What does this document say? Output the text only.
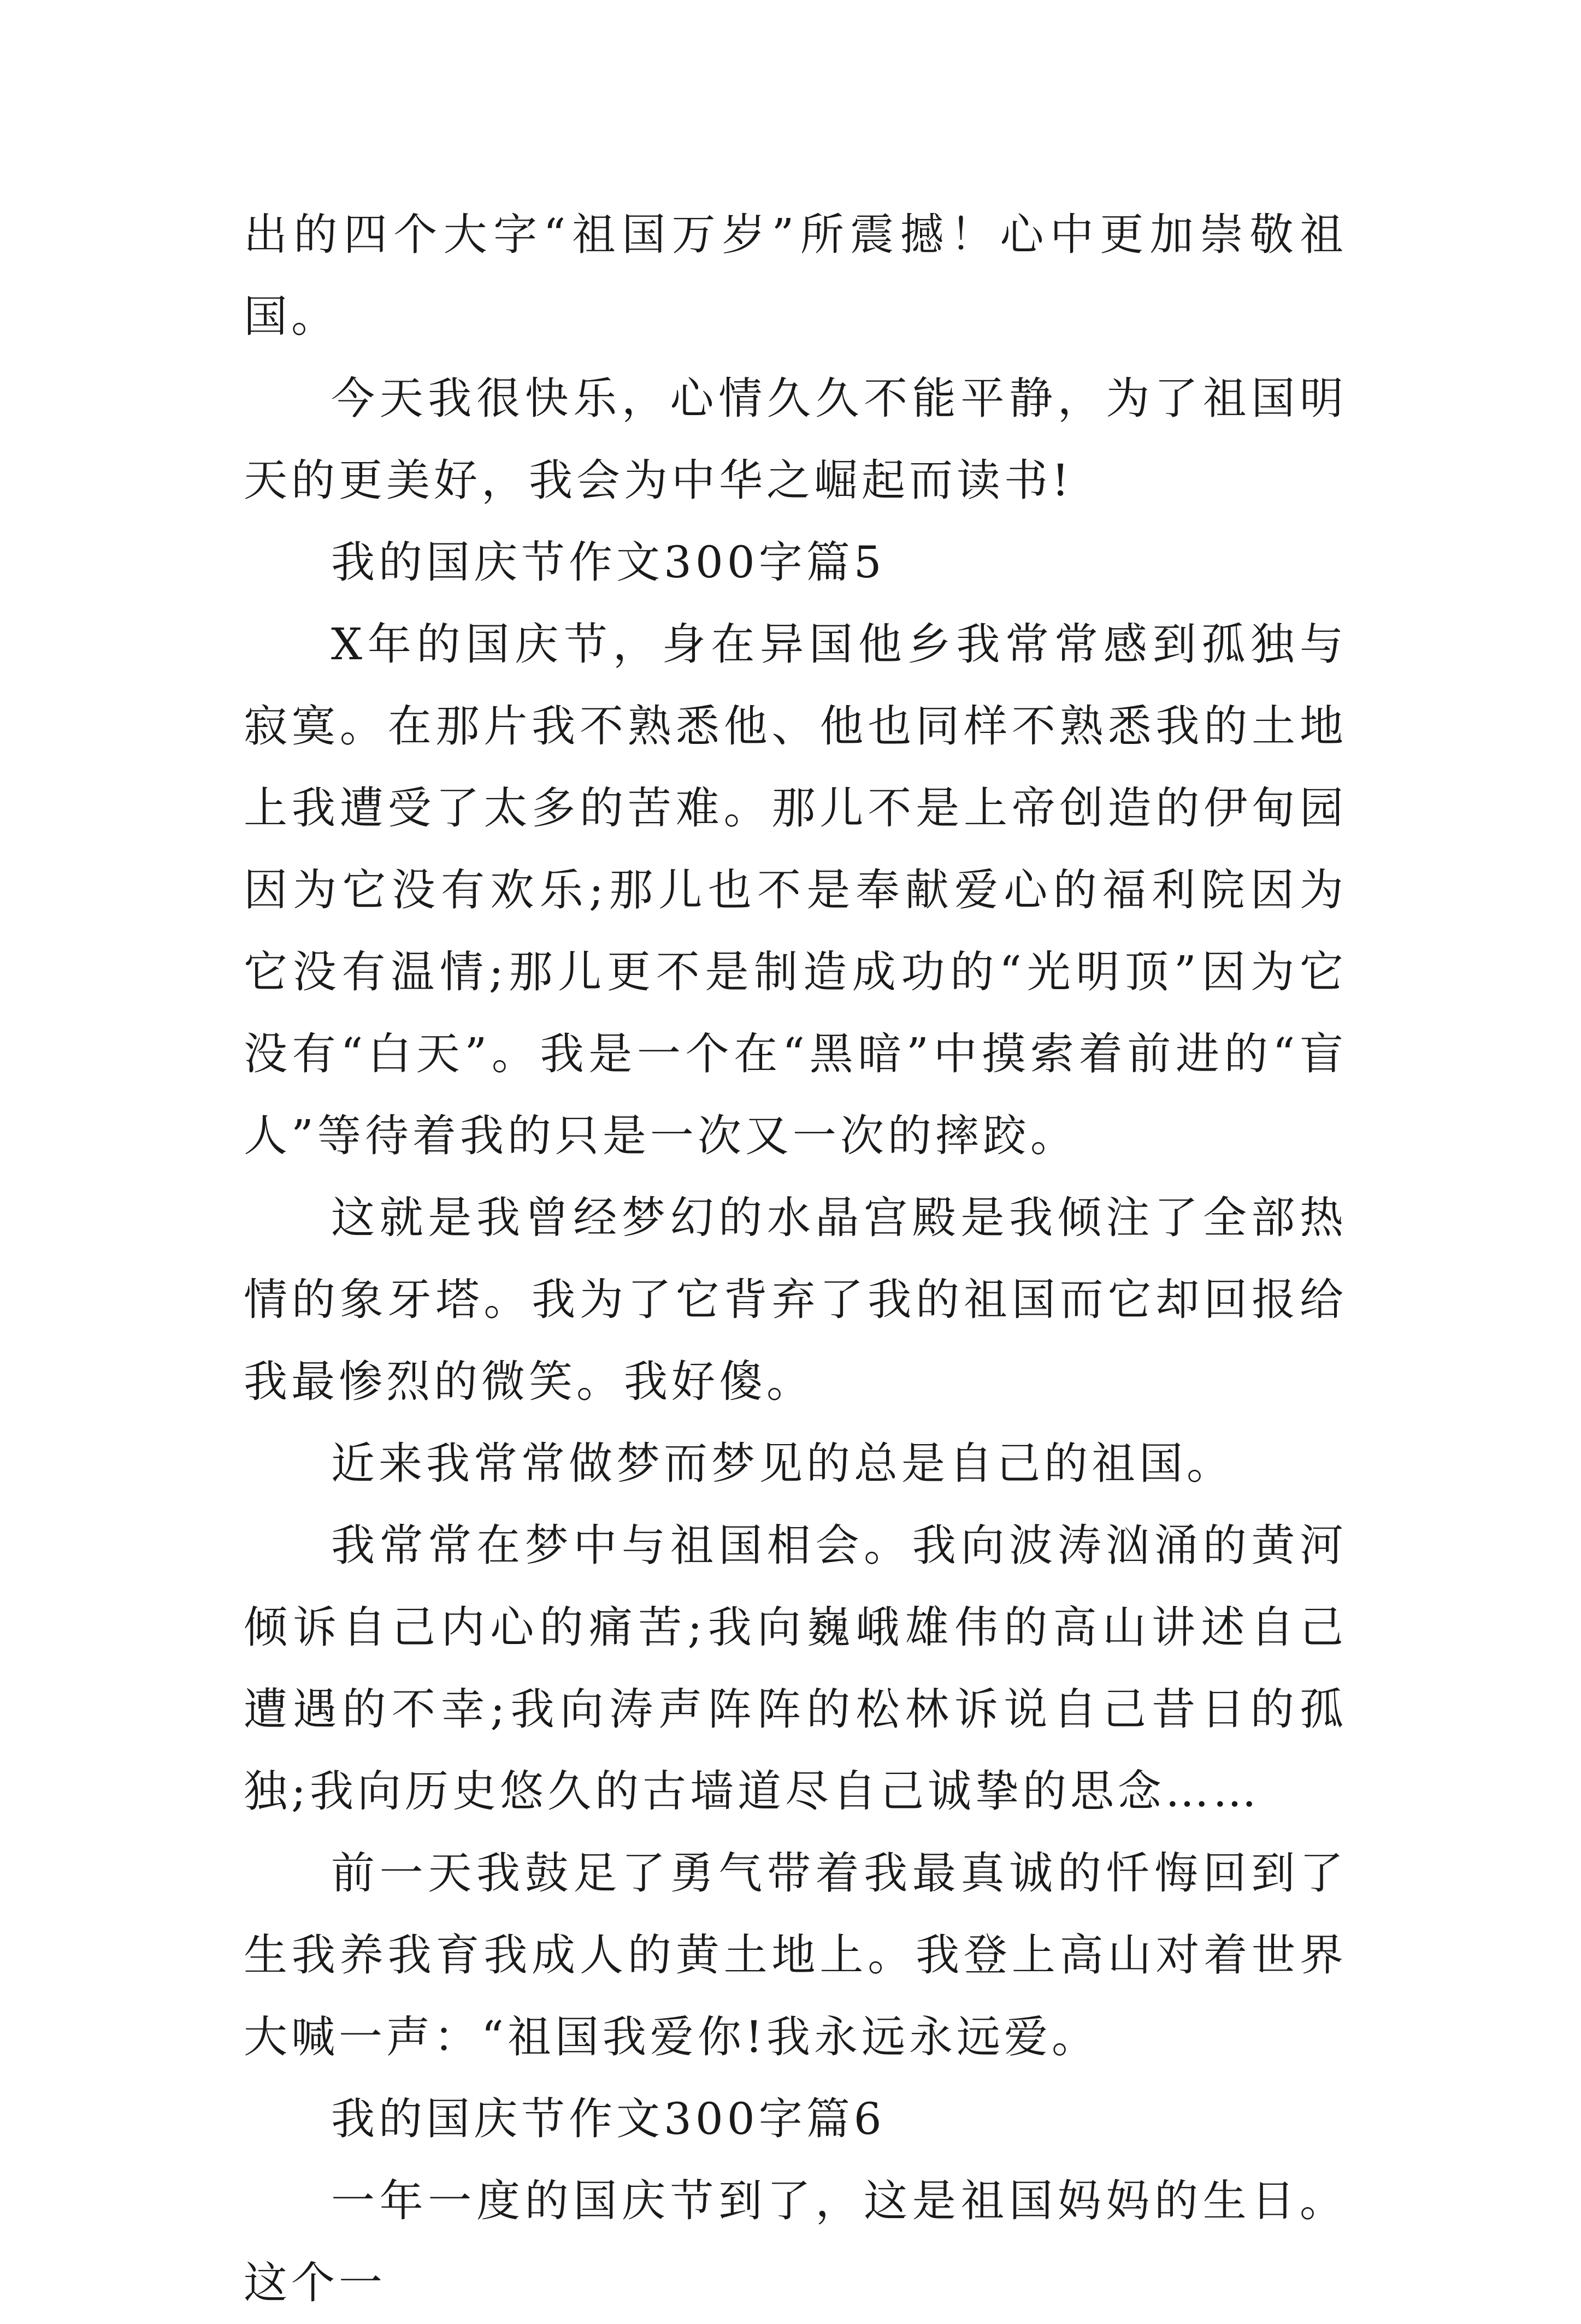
出的四个大字“祖国万岁”所震撼！心中更加崇敬祖国。

今天我很快乐，心情久久不能平静，为了祖国明天的更美好，我会为中华之崛起而读书!

我的国庆节作文300字篇5

X年的国庆节，身在异国他乡我常常感到孤独与寂寞。在那片我不熟悉他、他也同样不熟悉我的土地上我遭受了太多的苦难。那儿不是上帝创造的伊甸园因为它没有欢乐;那儿也不是奉献爱心的福利院因为它没有温情;那儿更不是制造成功的“光明顶”因为它没有“白天”。我是一个在“黑暗”中摸索着前进的“盲人”等待着我的只是一次又一次的摔跤。

这就是我曾经梦幻的水晶宫殿是我倾注了全部热情的象牙塔。我为了它背弃了我的祖国而它却回报给我最惨烈的微笑。我好傻。

近来我常常做梦而梦见的总是自己的祖国。

我常常在梦中与祖国相会。我向波涛汹涌的黄河倾诉自己内心的痛苦;我向巍峨雄伟的高山讲述自己遭遇的不幸;我向涛声阵阵的松林诉说自己昔日的孤独;我向历史悠久的古墙道尽自己诚挚的思念……

前一天我鼓足了勇气带着我最真诚的忏悔回到了生我养我育我成人的黄土地上。我登上高山对着世界大喊一声：“祖国我爱你!我永远永远爱。

我的国庆节作文300字篇6

一年一度的国庆节到了，这是祖国妈妈的生日。这个一
